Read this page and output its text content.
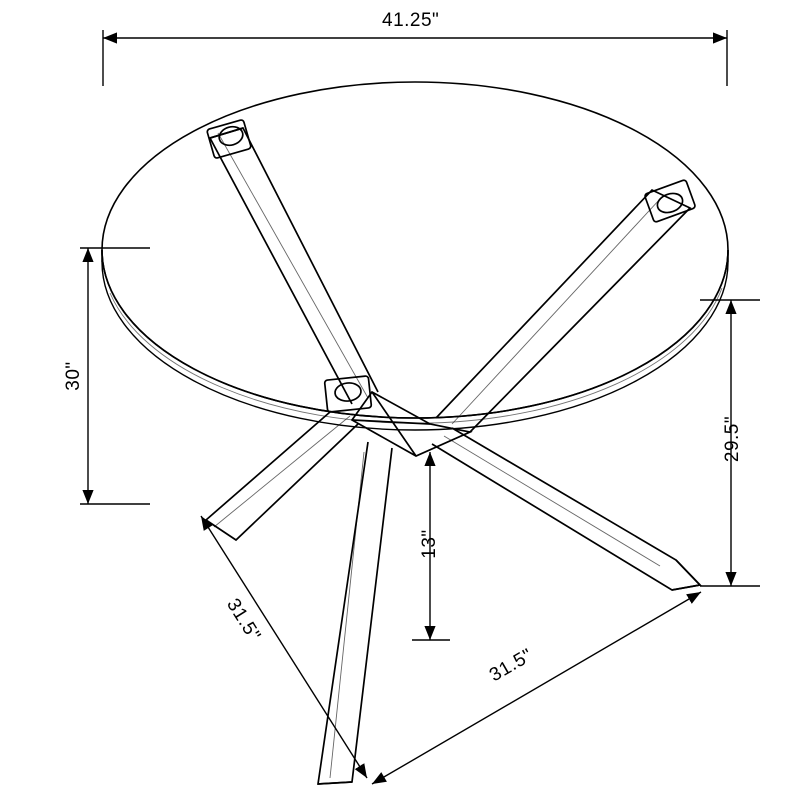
41.25"
30"
29.5"
13"
31.5"
31.5"
